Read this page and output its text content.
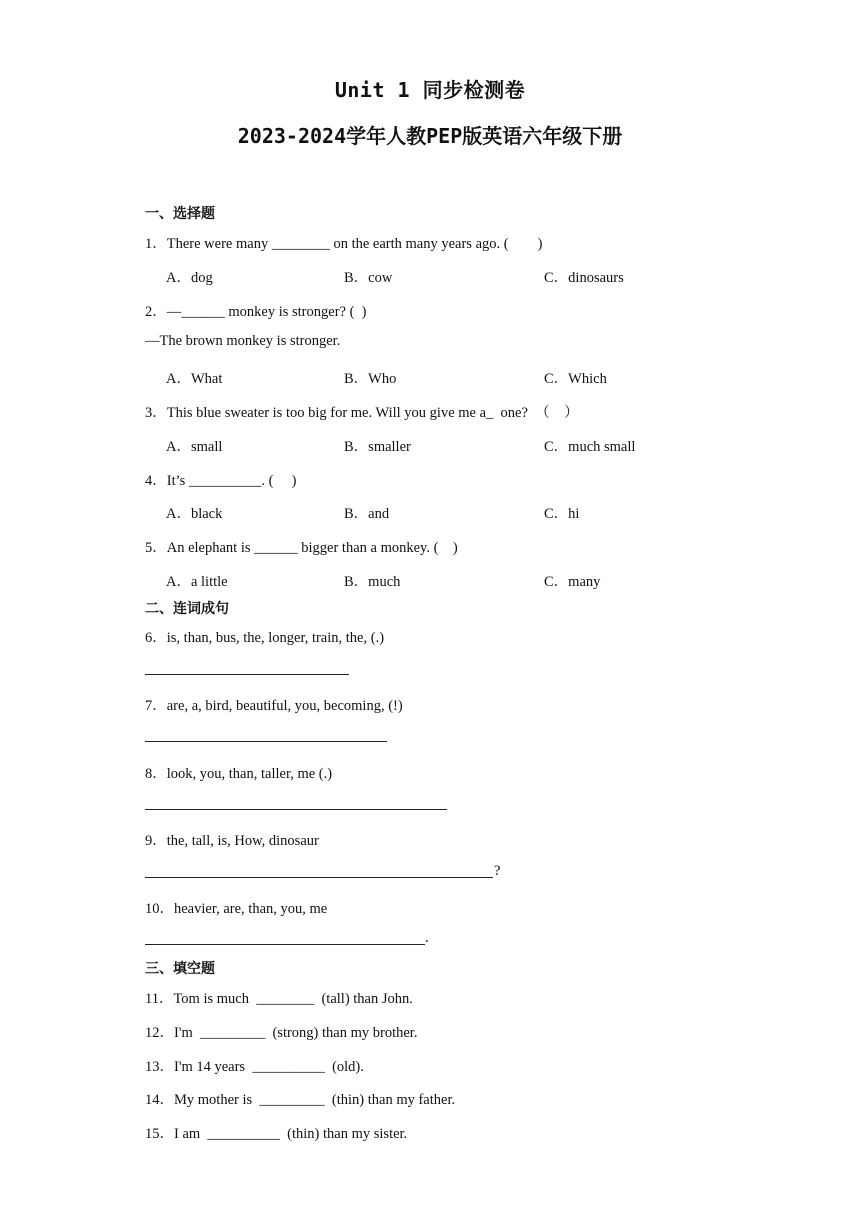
Unit 1 同步检测卷
2023-2024学年人教PEP版英语六年级下册
一、选择题
1．There were many ________ on the earth many years ago. (        )
A．dog	B．cow	C．dinosaurs
2．—______ monkey is stronger? (  )
—The brown monkey is stronger.
A．What	B．Who	C．Which
3．This blue sweater is too big for me. Will you give me a_  one?  （    ）
A．small	B．smaller	C．much small
4．It’s __________. (     )
A．black	B．and	C．hi
5．An elephant is ______ bigger than a monkey. (    )
A．a little	B．much	C．many
二、连词成句
6．is, than, bus, the, longer, train, the, (.)
7．are, a, bird, beautiful, you, becoming, (!)
8．look, you, than, taller, me (.)
9．the, tall, is, How, dinosaur
?
10．heavier, are, than, you, me
.
三、填空题
11．Tom is much  ________  (tall) than John.
12．I'm  _________  (strong) than my brother.
13．I'm 14 years  __________  (old).
14．My mother is  _________  (thin) than my father.
15．I am  __________  (thin) than my sister.
